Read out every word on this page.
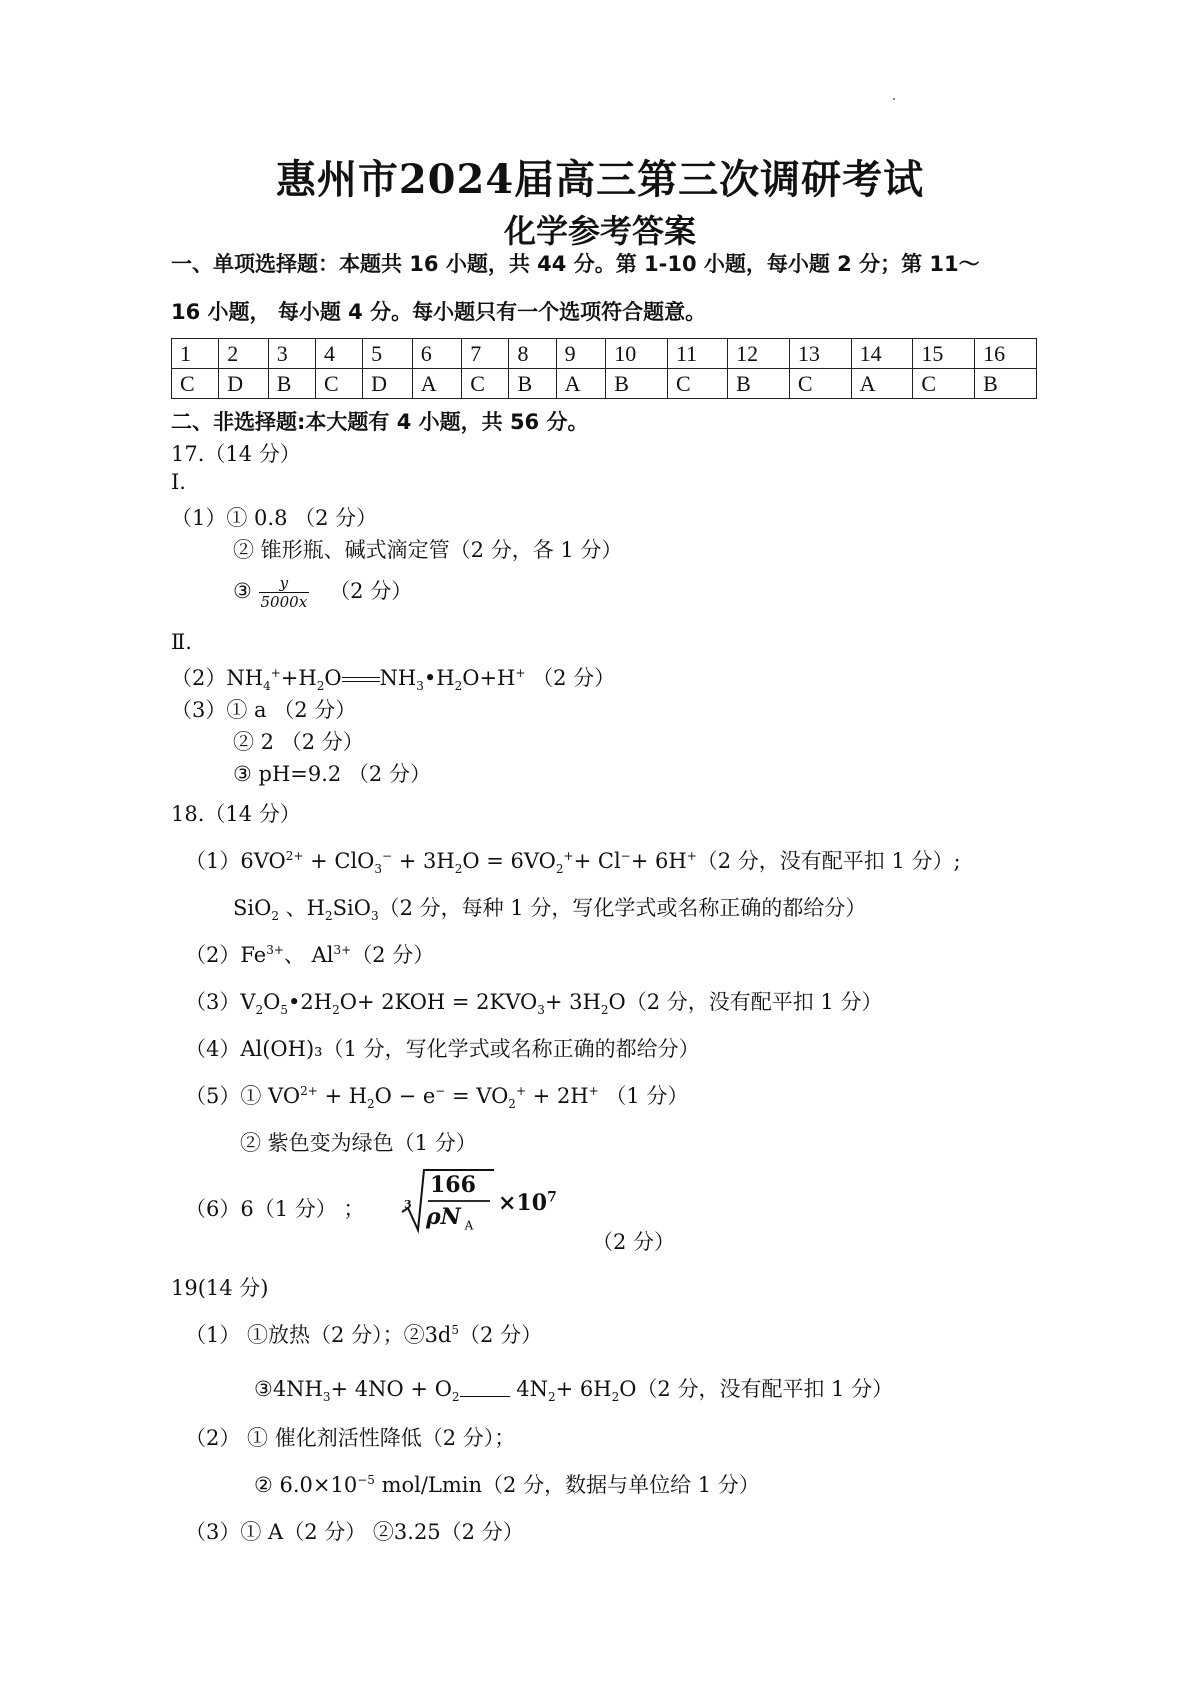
惠州市2024届高三第三次调研考试
化学参考答案
一、单项选择题：本题共 16 小题，共 44 分。第 1-10 小题，每小题 2 分；第 11～
16 小题， 每小题 4 分。每小题只有一个选项符合题意。
1	2	3	4	5	6	7	8	9	10	11	12	13	14	15	16
C	D	B	C	D	A	C	B	A	B	C	B	C	A	C	B
二、非选择题:本大题有 4 小题，共 56 分。
17.（14 分）
Ⅰ.
（1）① 0.8 （2 分）
② 锥形瓶、碱式滴定管（2 分，各 1 分）
③ $\frac{y}{5000x} (2$ 分）
Ⅱ.
$(2)NH_4^++H_2O$ $NH_3•H_2O+H^+$ （2 分）
（3）① a （2 分）
② 2 （2 分）
③ pH=9.2 （2 分）
18.（14 分）
$(1)6VO^{2+} + ClO_3^- + 3H_2O = 6VO_2^++ Cl^-+ 6H^+(2$ 分，没有配平扣 1 分）;
SiO$_2$ 、$H_2SiO_3(2$ 分，每种 1 分，写化学式或名称正确的都给分）
$(2)Fe^{3+}$、 $Al^{3+}(2$ 分）
$(3)V_2O_5•2H_2O+ 2KOH = 2KVO_3+ 3H_2O(2$ 分，没有配平扣 1 分）
（4）Al(OH)₃（1 分，写化学式或名称正确的都给分）
（5）① $VO^{2+} + H_2O - e^- = VO_2^+ + 2H^+$ （1 分）
② 紫色变为绿色（1 分）
（6）6（1 分） ；	3
166
ρN $_A$
$\times 10^7$
（2 分）
19(14 分)
（1） ①放热（2 分）；$②3d^5(2$ 分）
$③4NH_3+ 4NO + O_2$ $4N_2+ 6H_2O(2$ 分，没有配平扣 1 分）
（2） ① 催化剂活性降低（2 分）；
② $6.0\times 10^{-5}$ mol/Lmin（2 分，数据与单位给 1 分）
（3）① A（2 分） ②3.25（2 分）
